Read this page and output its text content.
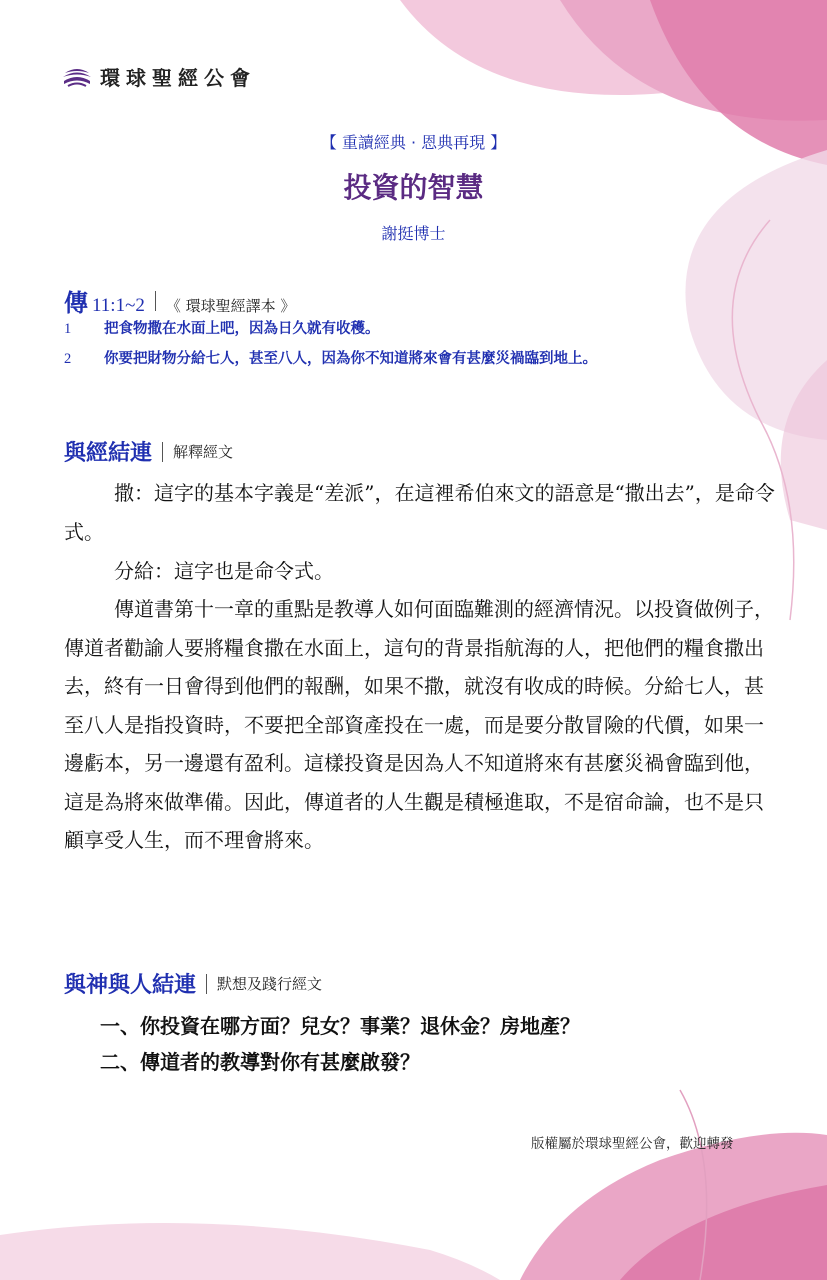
環球聖經公會
【 重讀經典 · 恩典再現 】
投資的智慧
謝挺博士
傳 11:1~2 《 環球聖經譯本 》
1	把食物撒在水面上吧，因為日久就有收穫。
2	你要把財物分給七人，甚至八人，因為你不知道將來會有甚麼災禍臨到地上。
與經結連 解釋經文

撒：這字的基本字義是“差派”，在這裡希伯來文的語意是“撒出去”，是命令式。

分給：這字也是命令式。

傳道書第十一章的重點是教導人如何面臨難測的經濟情況。以投資做例子，傳道者勸諭人要將糧食撒在水面上，這句的背景指航海的人，把他們的糧食撒出去，終有一日會得到他們的報酬，如果不撒，就沒有收成的時候。分給七人，甚至八人是指投資時，不要把全部資產投在一處，而是要分散冒險的代價，如果一邊虧本，另一邊還有盈利。這樣投資是因為人不知道將來有甚麼災禍會臨到他，這是為將來做準備。因此，傳道者的人生觀是積極進取，不是宿命論，也不是只顧享受人生，而不理會將來。

與神與人結連 默想及踐行經文
一、你投資在哪方面？兒女？事業？退休金？房地產？
二、傳道者的教導對你有甚麼啟發？
版權屬於環球聖經公會，歡迎轉發
